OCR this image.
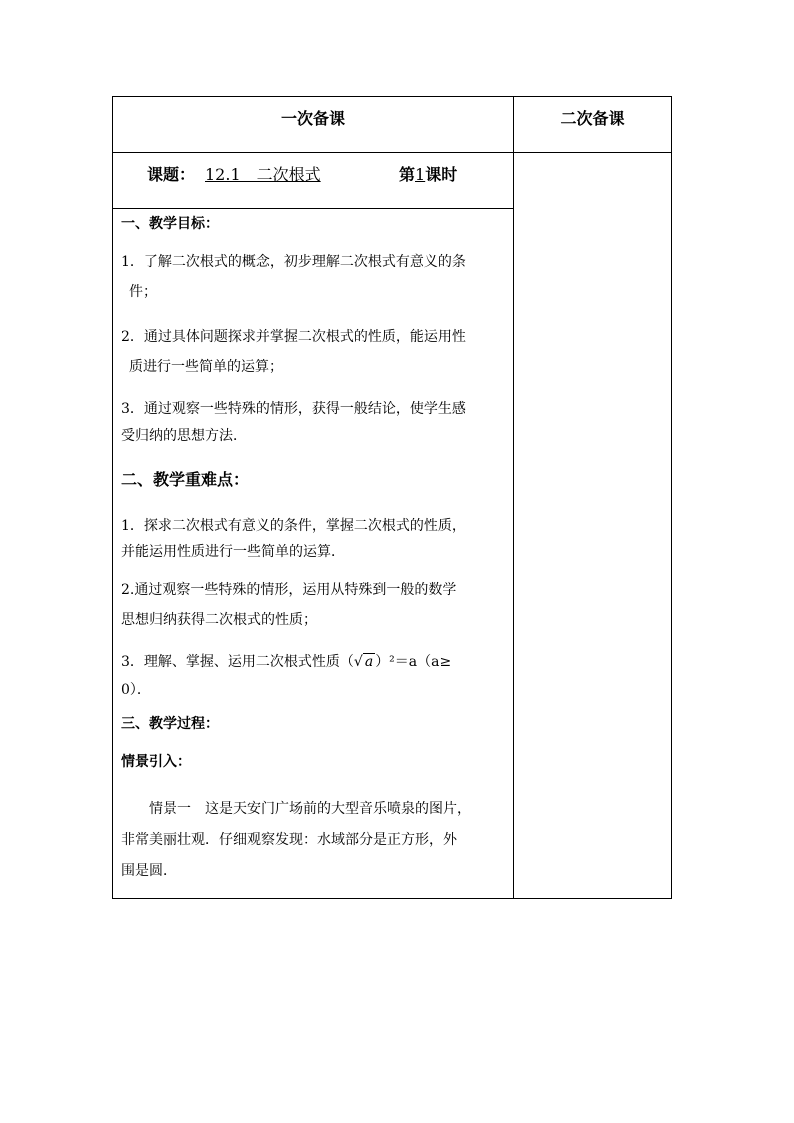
一次备课	二次备课
课题： 12.1　二次根式	第1课时
一、教学目标：
1．了解二次根式的概念，初步理解二次根式有意义的条
件；
2．通过具体问题探求并掌握二次根式的性质，能运用性
质进行一些简单的运算；
3．通过观察一些特殊的情形，获得一般结论，使学生感
受归纳的思想方法．
二、教学重难点：
1．探求二次根式有意义的条件，掌握二次根式的性质，
并能运用性质进行一些简单的运算．
2.通过观察一些特殊的情形，运用从特殊到一般的数学
思想归纳获得二次根式的性质；
3．理解、掌握、运用二次根式性质（√ a ）²＝a（a≥
0）．
三、教学过程：
情景引入：
情景一　这是天安门广场前的大型音乐喷泉的图片，
非常美丽壮观．仔细观察发现：水域部分是正方形，外
围是圆．
